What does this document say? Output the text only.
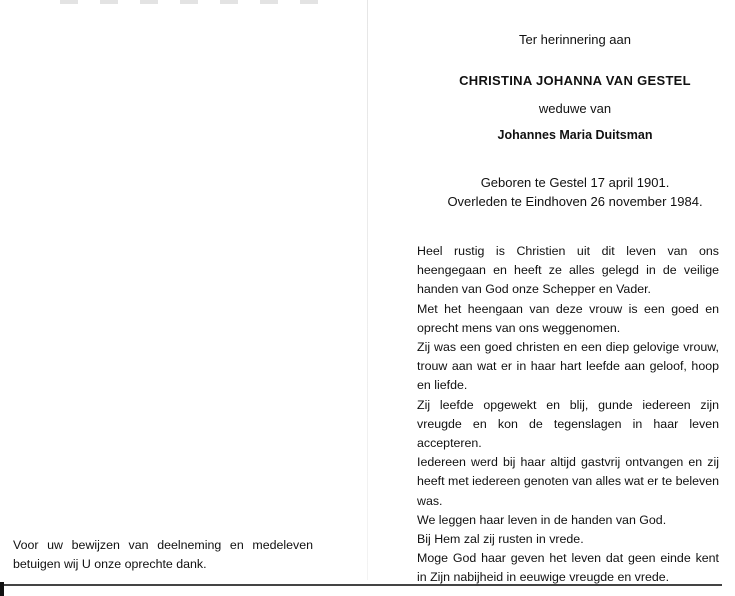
Ter herinnering aan
CHRISTINA JOHANNA VAN GESTEL
weduwe van
Johannes Maria Duitsman
Geboren te Gestel 17 april 1901.
Overleden te Eindhoven 26 november 1984.

Heel rustig is Christien uit dit leven van ons heengegaan en heeft ze alles gelegd in de veilige handen van God onze Schepper en Vader.

Met het heengaan van deze vrouw is een goed en oprecht mens van ons weggenomen.

Zij was een goed christen en een diep gelovige vrouw, trouw aan wat er in haar hart leefde aan geloof, hoop en liefde.

Zij leefde opgewekt en blij, gunde iedereen zijn vreugde en kon de tegenslagen in haar leven accepteren.

Iedereen werd bij haar altijd gastvrij ontvangen en zij heeft met iedereen genoten van alles wat er te beleven was.

We leggen haar leven in de handen van God.

Bij Hem zal zij rusten in vrede.

Moge God haar geven het leven dat geen einde kent in Zijn nabijheid in eeuwige vreugde en vrede.

Voor uw bewijzen van deelneming en medeleven betuigen wij U onze oprechte dank.
